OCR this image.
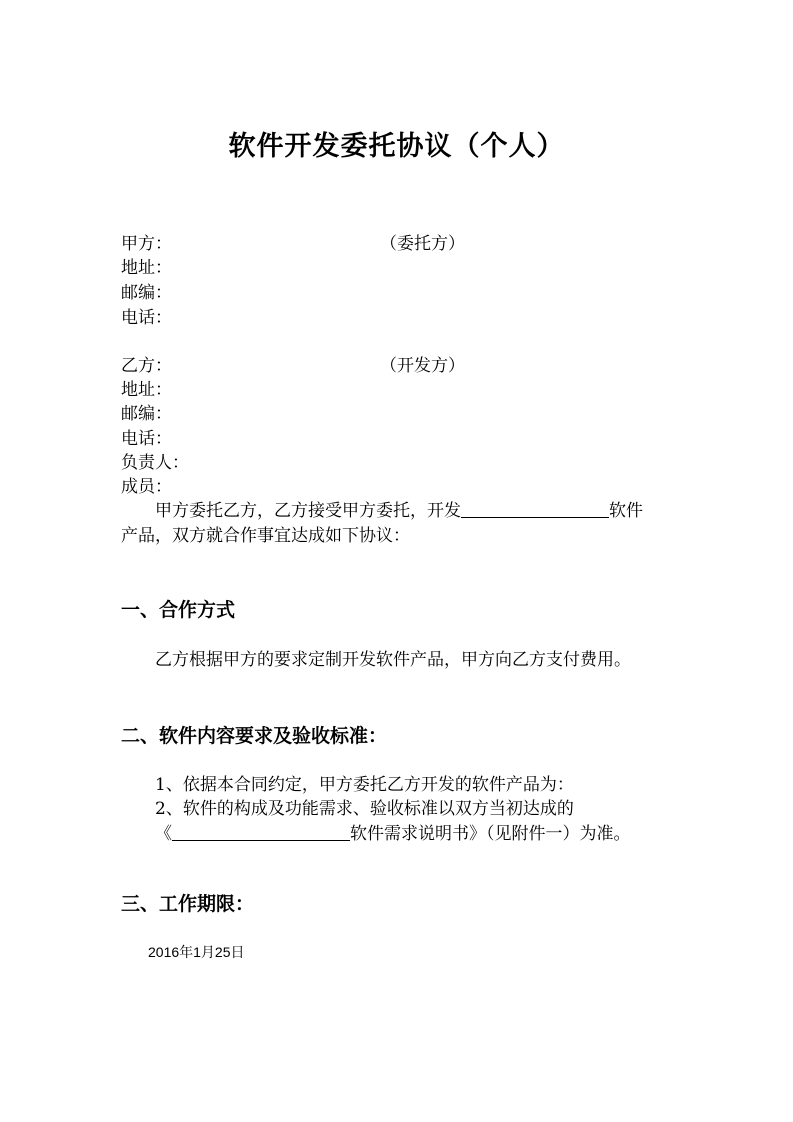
软件开发委托协议（个人）
甲方：	（委托方）
地址：
邮编：
电话：
乙方：	（开发方）
地址：
邮编：
电话：
负责人：
成员：
甲方委托乙方，乙方接受甲方委托，开发	软件
产品，双方就合作事宜达成如下协议：
一、合作方式
乙方根据甲方的要求定制开发软件产品，甲方向乙方支付费用。
二、软件内容要求及验收标准：
1、依据本合同约定，甲方委托乙方开发的软件产品为：
2、软件的构成及功能需求、验收标准以双方当初达成的
《	软件需求说明书》（见附件一）为准。
三、工作期限：
2016年1月25日
